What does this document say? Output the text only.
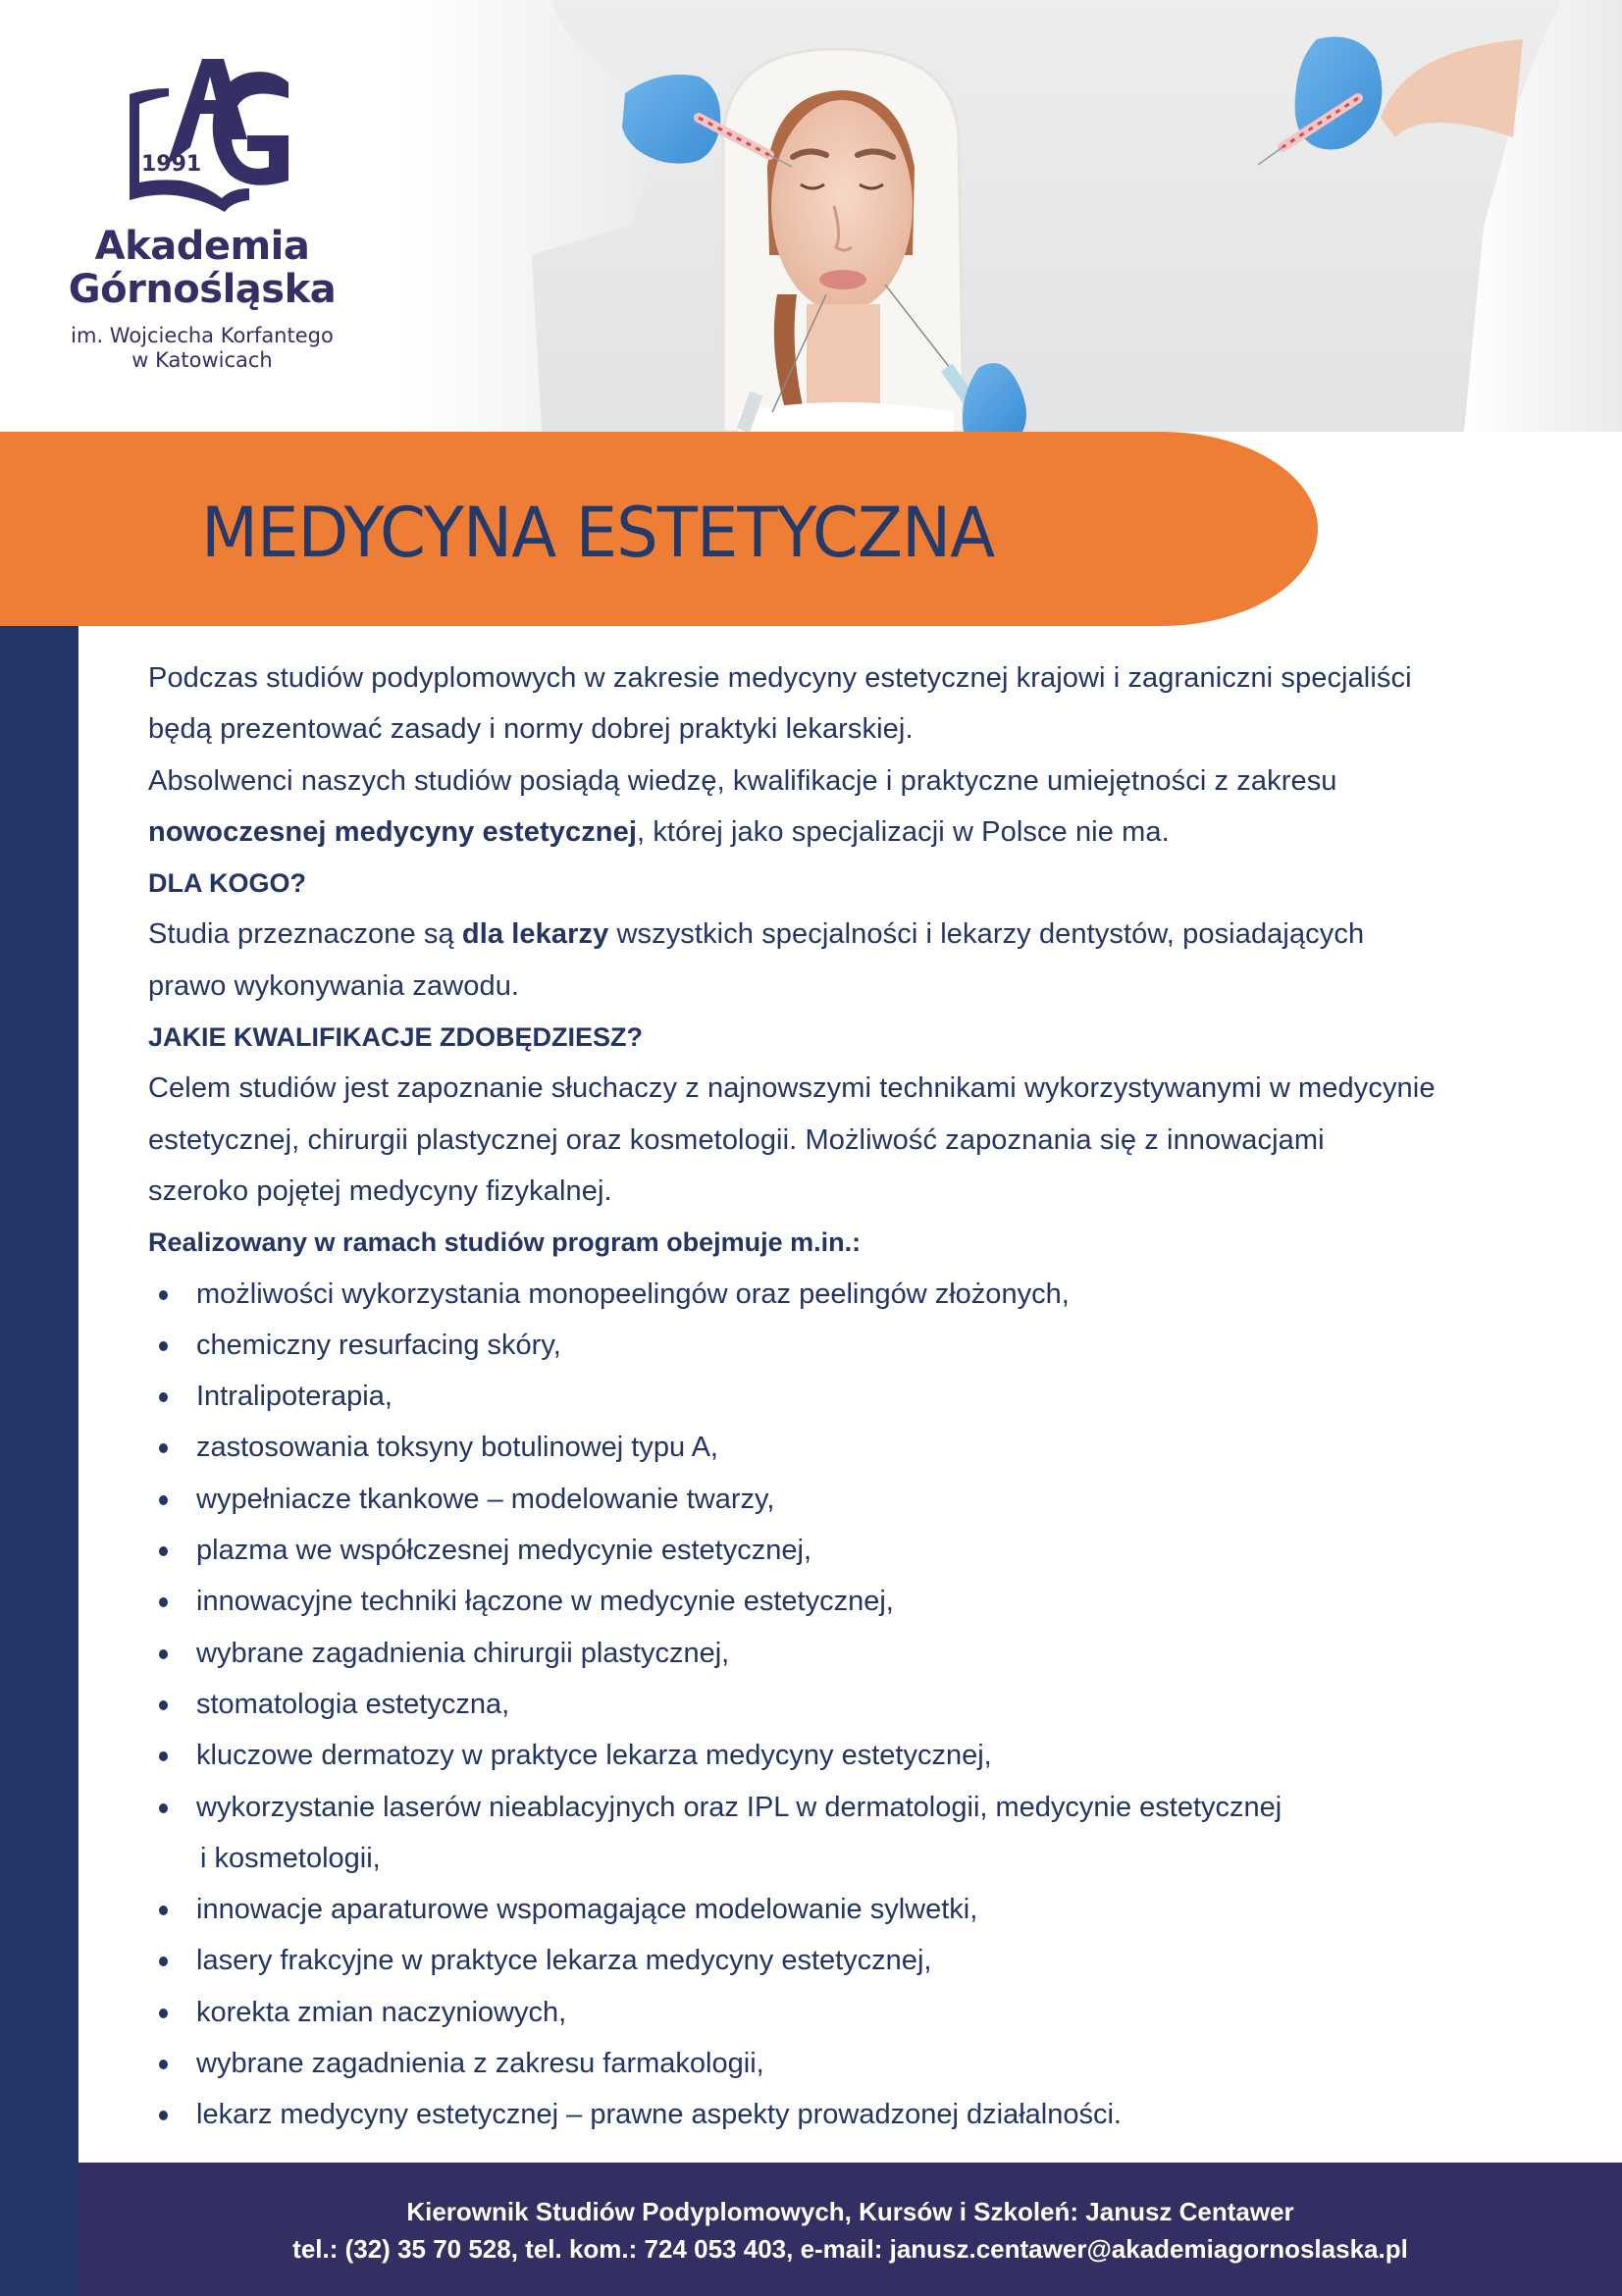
1991
Akademia
Górnośląska
im. Wojciecha Korfantego
w Katowicach
MEDYCYNA ESTETYCZNA
Podczas studiów podyplomowych w zakresie medycyny estetycznej krajowi i zagraniczni specjaliści
będą prezentować zasady i normy dobrej praktyki lekarskiej.
Absolwenci naszych studiów posiądą wiedzę, kwalifikacje i praktyczne umiejętności z zakresu
nowoczesnej medycyny estetycznej, której jako specjalizacji w Polsce nie ma.
DLA KOGO?
Studia przeznaczone są dla lekarzy wszystkich specjalności i lekarzy dentystów, posiadających
prawo wykonywania zawodu.
JAKIE KWALIFIKACJE ZDOBĘDZIESZ?
Celem studiów jest zapoznanie słuchaczy z najnowszymi technikami wykorzystywanymi w medycynie
estetycznej, chirurgii plastycznej oraz kosmetologii. Możliwość zapoznania się z innowacjami
szeroko pojętej medycyny fizykalnej.
Realizowany w ramach studiów program obejmuje m.in.:
możliwości wykorzystania monopeelingów oraz peelingów złożonych,
chemiczny resurfacing skóry,
Intralipoterapia,
zastosowania toksyny botulinowej typu A,
wypełniacze tkankowe – modelowanie twarzy,
plazma we współczesnej medycynie estetycznej,
innowacyjne techniki łączone w medycynie estetycznej,
wybrane zagadnienia chirurgii plastycznej,
stomatologia estetyczna,
kluczowe dermatozy w praktyce lekarza medycyny estetycznej,
wykorzystanie laserów nieablacyjnych oraz IPL w dermatologii, medycynie estetycznej
i kosmetologii,
innowacje aparaturowe wspomagające modelowanie sylwetki,
lasery frakcyjne w praktyce lekarza medycyny estetycznej,
korekta zmian naczyniowych,
wybrane zagadnienia z zakresu farmakologii,
lekarz medycyny estetycznej – prawne aspekty prowadzonej działalności.
Kierownik Studiów Podyplomowych, Kursów i Szkoleń: Janusz Centawer
tel.: (32) 35 70 528, tel. kom.: 724 053 403, e-mail: janusz.centawer@akademiagornoslaska.pl
